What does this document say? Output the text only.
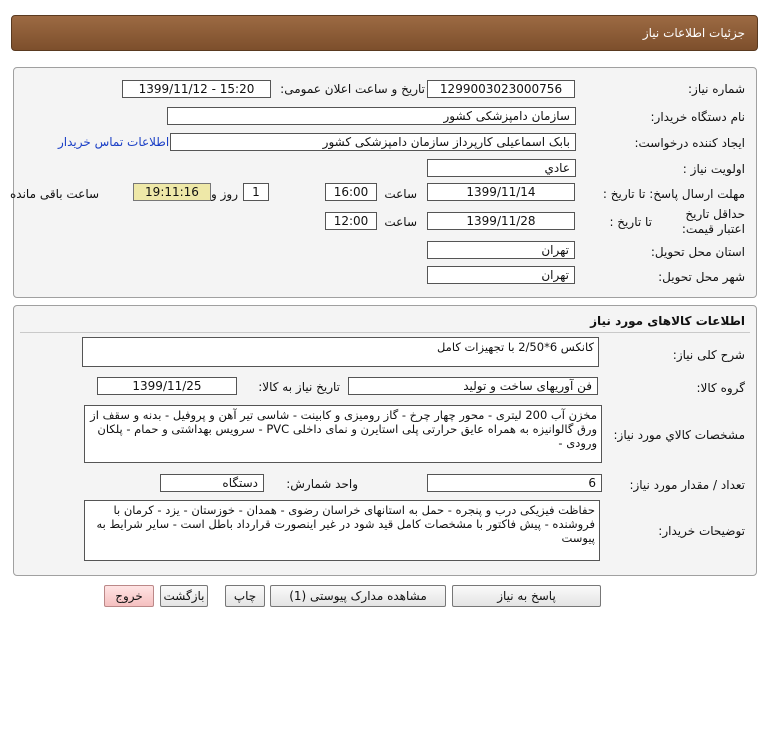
جزئیات اطلاعات نیاز
شماره نیاز:
1299003023000756
تاریخ و ساعت اعلان عمومی:
1399/11/12 - 15:20
نام دستگاه خریدار:
سازمان دامپزشکی کشور
ایجاد کننده درخواست:
بابک اسماعیلی کارپرداز سازمان دامپزشکی کشور
اطلاعات تماس خریدار
اولویت نیاز :
عادي
مهلت ارسال پاسخ: تا تاریخ :
1399/11/14
ساعت
16:00
1
روز و
19:11:16
ساعت باقی مانده
حداقل تاریخ اعتبار قیمت:
تا تاریخ :
1399/11/28
ساعت
12:00
استان محل تحویل:
تهران
شهر محل تحویل:
تهران
اطلاعات کالاهای مورد نیاز
شرح کلی نیاز:
کانکس 6*2/50 با تجهیزات کامل
گروه کالا:
فن آوریهای ساخت و تولید
تاریخ نیاز به کالا:
1399/11/25
مشخصات کالاي مورد نیاز:
مخزن آب 200 لیتری - محور چهار چرخ - گاز رومیزی و کابینت - شاسی تیر آهن و پروفیل - بدنه و سقف از ورق گالوانیزه به همراه عایق حرارتی پلی استایرن و نمای داخلی PVC - سرویس بهداشتی و حمام - پلکان ورودی -
تعداد / مقدار مورد نیاز:
6
واحد شمارش:
دستگاه
توضیحات خریدار:
حفاظت فیزیکی درب و پنجره - حمل به استانهای خراسان رضوی - همدان - خوزستان - یزد - کرمان با فروشنده - پیش فاکتور با مشخصات کامل قید شود در غیر اینصورت قرارداد باطل است - سایر شرایط به پیوست
پاسخ به نیاز
مشاهده مدارک پیوستی (1)
چاپ
بازگشت
خروج
